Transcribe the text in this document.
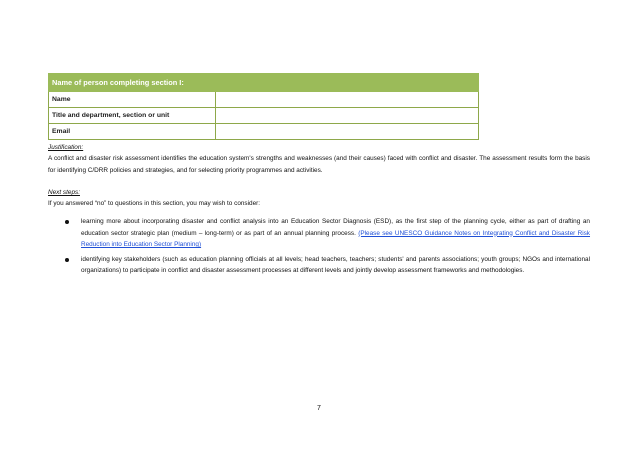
Name of person completing section I:	
Name	
Title and department, section or unit	
Email	
Justification:
A conflict and disaster risk assessment identifies the education system's strengths and weaknesses (and their causes) faced with conflict and disaster. The assessment results form the basis for identifying C/DRR policies and strategies, and for selecting priority programmes and activities.
Next steps:
If you answered “no” to questions in this section, you may wish to consider:
learning more about incorporating disaster and conflict analysis into an Education Sector Diagnosis (ESD), as the first step of the planning cycle, either as part of drafting an education sector strategic plan (medium – long-term) or as part of an annual planning process. (Please see UNESCO Guidance Notes on Integrating Conflict and Disaster Risk Reduction into Education Sector Planning)
identifying key stakeholders (such as education planning officials at all levels; head teachers, teachers; students' and parents associations; youth groups; NGOs and international organizations) to participate in conflict and disaster assessment processes at different levels and jointly develop assessment frameworks and methodologies.
7
